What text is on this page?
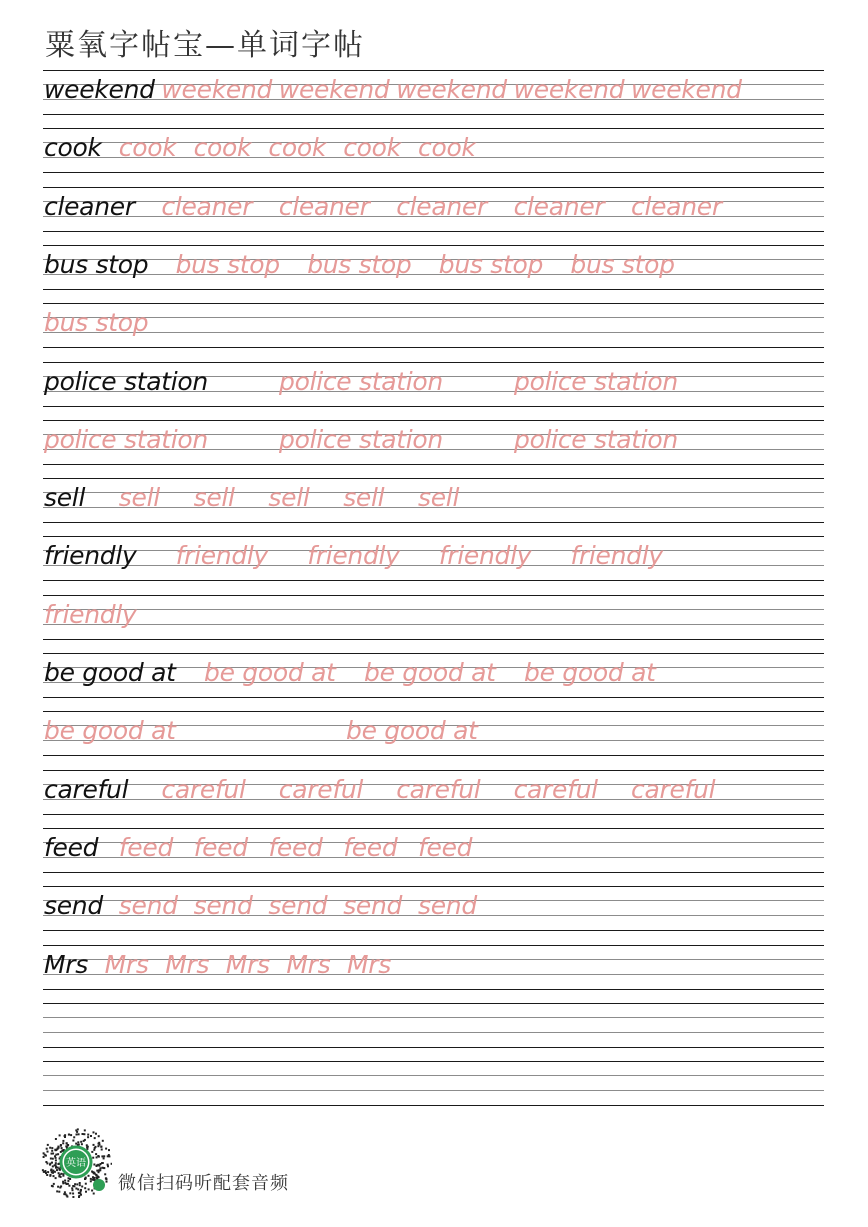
粟氧字帖宝—单词字帖
weekend weekend weekend weekend weekend weekend
cook cook cook cook cook cook
cleaner cleaner cleaner cleaner cleaner cleaner
bus stop bus stop bus stop bus stop bus stop
bus stop
police station	police station	police station
police station	police station	police station
sell sell sell sell sell sell
friendly friendly friendly friendly friendly
friendly
be good at be good at be good at be good at
be good at	be good at
careful careful careful careful careful careful
feed feed feed feed feed feed
send send send send send send
Mrs Mrs Mrs Mrs Mrs Mrs
英语
微信扫码听配套音频
